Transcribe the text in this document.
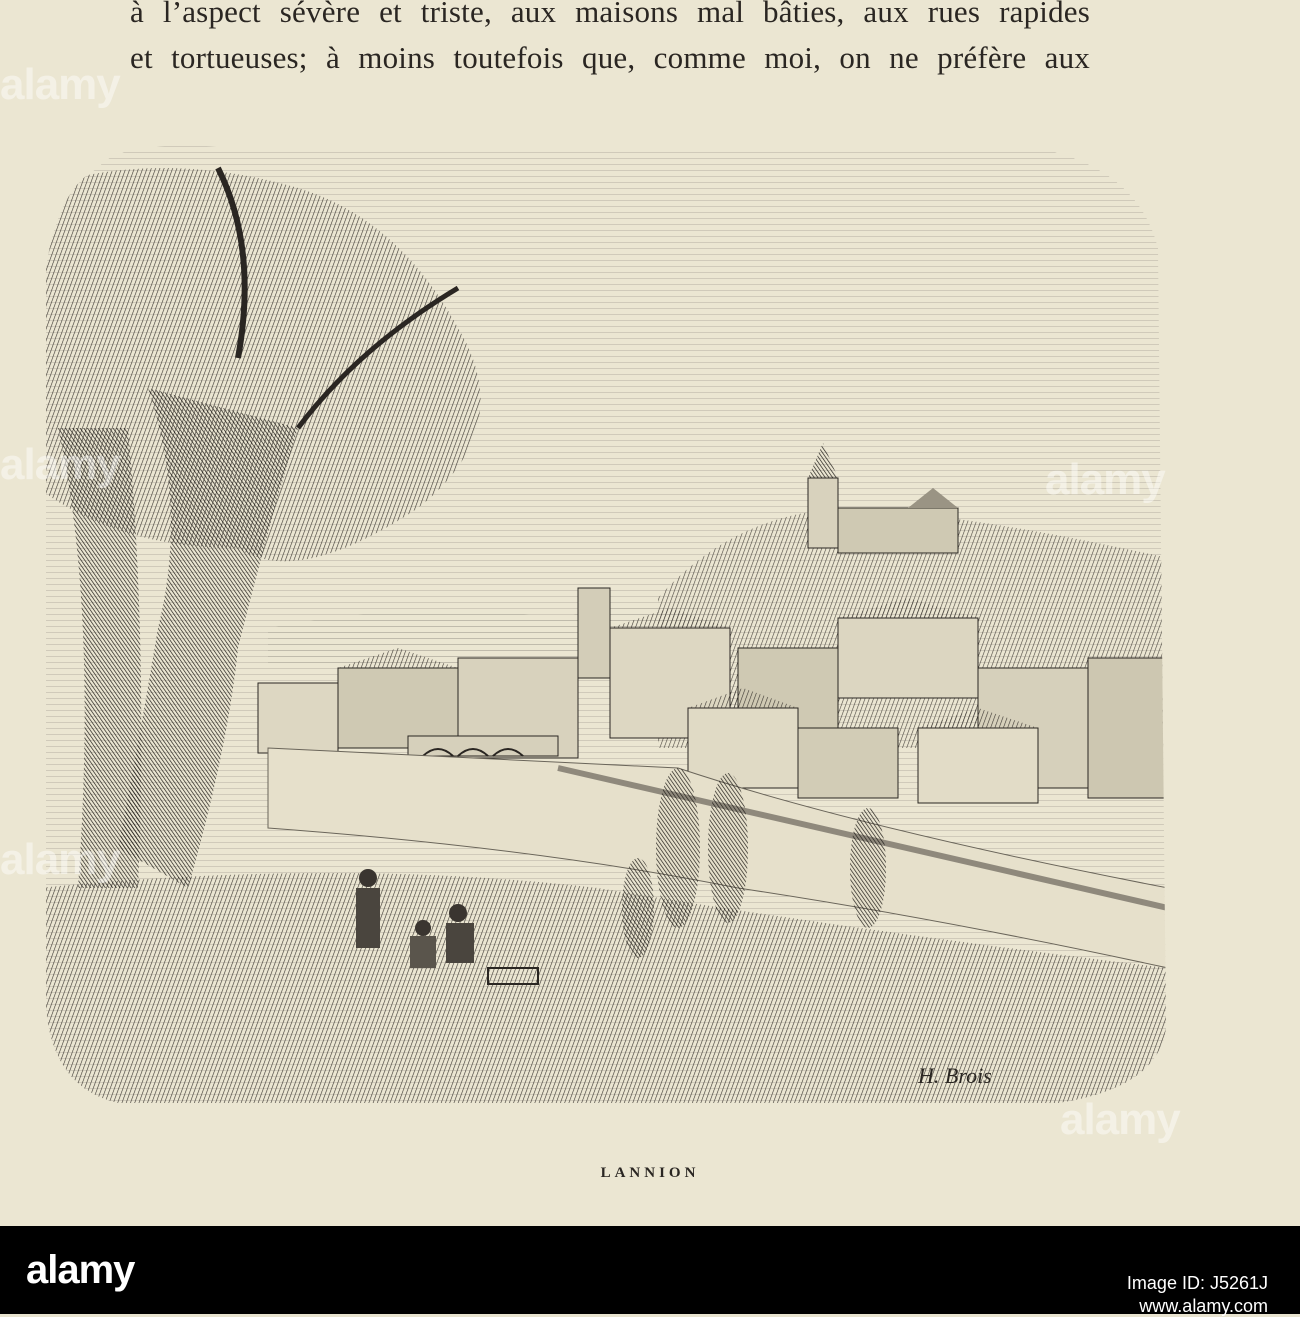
à l’aspect sévère et triste, aux maisons mal bâties, aux rues rapides
et tortueuses; à moins toutefois que, comme moi, on ne préfère aux
H. Brois
LANNION
alamy
alamy
alamy
alamy
alamy
alamy	Image ID: J5261J
www.alamy.com
